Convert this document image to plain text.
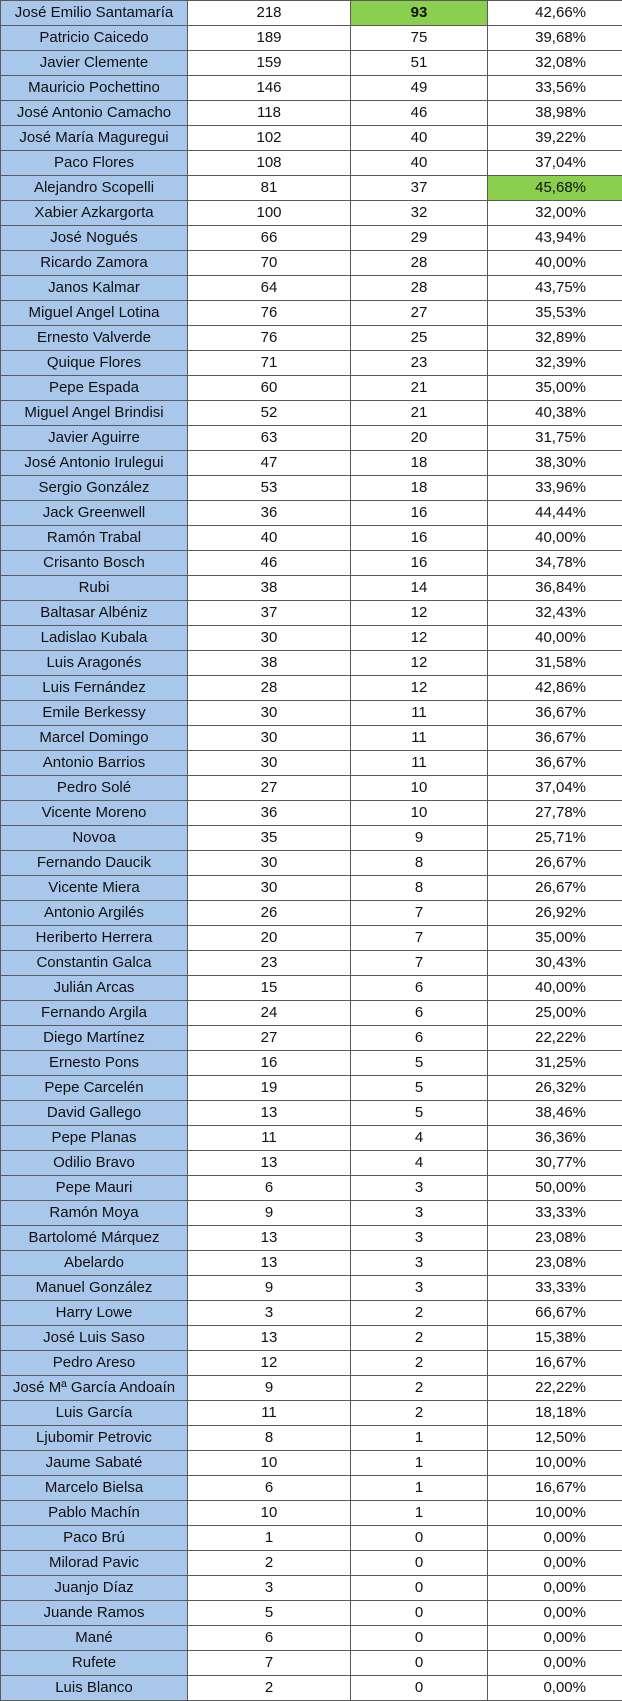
José Emilio Santamaría	218	93	42,66%
Patricio Caicedo	189	75	39,68%
Javier Clemente	159	51	32,08%
Mauricio Pochettino	146	49	33,56%
José Antonio Camacho	118	46	38,98%
José María Maguregui	102	40	39,22%
Paco Flores	108	40	37,04%
Alejandro Scopelli	81	37	45,68%
Xabier Azkargorta	100	32	32,00%
José Nogués	66	29	43,94%
Ricardo Zamora	70	28	40,00%
Janos Kalmar	64	28	43,75%
Miguel Angel Lotina	76	27	35,53%
Ernesto Valverde	76	25	32,89%
Quique Flores	71	23	32,39%
Pepe Espada	60	21	35,00%
Miguel Angel Brindisi	52	21	40,38%
Javier Aguirre	63	20	31,75%
José Antonio Irulegui	47	18	38,30%
Sergio González	53	18	33,96%
Jack Greenwell	36	16	44,44%
Ramón Trabal	40	16	40,00%
Crisanto Bosch	46	16	34,78%
Rubi	38	14	36,84%
Baltasar Albéniz	37	12	32,43%
Ladislao Kubala	30	12	40,00%
Luis Aragonés	38	12	31,58%
Luis Fernández	28	12	42,86%
Emile Berkessy	30	11	36,67%
Marcel Domingo	30	11	36,67%
Antonio Barrios	30	11	36,67%
Pedro Solé	27	10	37,04%
Vicente Moreno	36	10	27,78%
Novoa	35	9	25,71%
Fernando Daucik	30	8	26,67%
Vicente Miera	30	8	26,67%
Antonio Argilés	26	7	26,92%
Heriberto Herrera	20	7	35,00%
Constantin Galca	23	7	30,43%
Julián Arcas	15	6	40,00%
Fernando Argila	24	6	25,00%
Diego Martínez	27	6	22,22%
Ernesto Pons	16	5	31,25%
Pepe Carcelén	19	5	26,32%
David Gallego	13	5	38,46%
Pepe Planas	11	4	36,36%
Odilio Bravo	13	4	30,77%
Pepe Mauri	6	3	50,00%
Ramón Moya	9	3	33,33%
Bartolomé Márquez	13	3	23,08%
Abelardo	13	3	23,08%
Manuel González	9	3	33,33%
Harry Lowe	3	2	66,67%
José Luis Saso	13	2	15,38%
Pedro Areso	12	2	16,67%
José Mª García Andoaín	9	2	22,22%
Luis García	11	2	18,18%
Ljubomir Petrovic	8	1	12,50%
Jaume Sabaté	10	1	10,00%
Marcelo Bielsa	6	1	16,67%
Pablo Machín	10	1	10,00%
Paco Brú	1	0	0,00%
Milorad Pavic	2	0	0,00%
Juanjo Díaz	3	0	0,00%
Juande Ramos	5	0	0,00%
Mané	6	0	0,00%
Rufete	7	0	0,00%
Luis Blanco	2	0	0,00%
